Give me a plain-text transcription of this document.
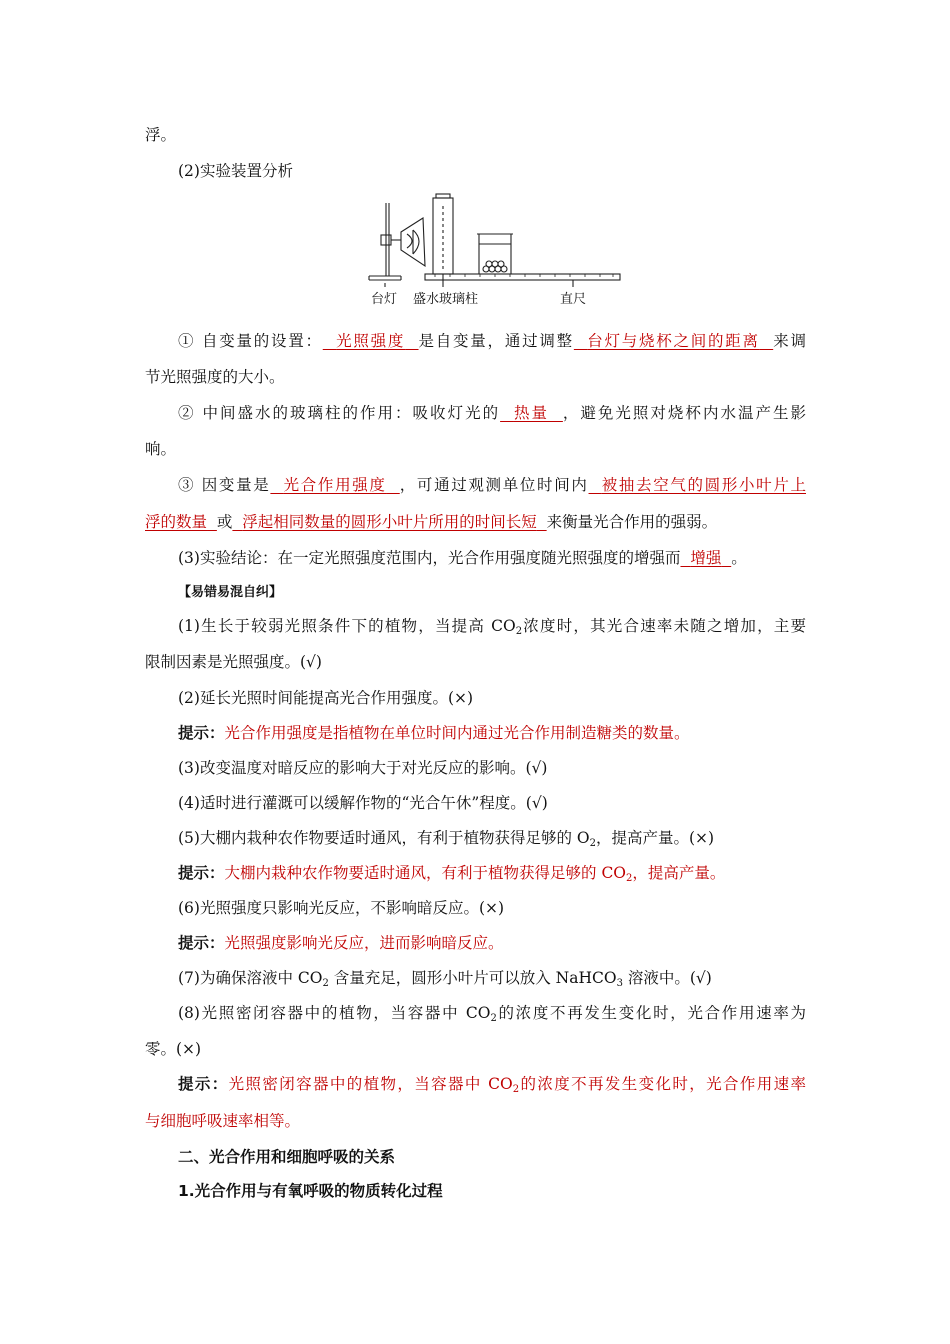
浮。
(2)实验装置分析
台灯 盛水玻璃柱	直尺
① 自变量的设置： 光照强度 是自变量，通过调整 台灯与烧杯之间的距离 来调
节光照强度的大小。
② 中间盛水的玻璃柱的作用：吸收灯光的 热量 ，避免光照对烧杯内水温产生影
响。
③ 因变量是 光合作用强度 ，可通过观测单位时间内 被抽去空气的圆形小叶片上
浮的数量 或 浮起相同数量的圆形小叶片所用的时间长短 来衡量光合作用的强弱。
(3)实验结论：在一定光照强度范围内，光合作用强度随光照强度的增强而 增强 。
【易错易混自纠】
(1)生长于较弱光照条件下的植物，当提高 $CO_2$浓度时，其光合速率未随之增加，主要
限制因素是光照强度。(√)
(2)延长光照时间能提高光合作用强度。(×)
提示：光合作用强度是指植物在单位时间内通过光合作用制造糖类的数量。
(3)改变温度对暗反应的影响大于对光反应的影响。(√)
(4)适时进行灌溉可以缓解作物的“光合午休”程度。(√)
(5)大棚内栽种农作物要适时通风，有利于植物获得足够的 $O_2$，提高产量。(×)
提示：大棚内栽种农作物要适时通风，有利于植物获得足够的 $CO_2$，提高产量。
(6)光照强度只影响光反应，不影响暗反应。(×)
提示：光照强度影响光反应，进而影响暗反应。
(7)为确保溶液中 $CO_2$ 含量充足，圆形小叶片可以放入 NaHCO$_3$ 溶液中。(√)
(8)光照密闭容器中的植物，当容器中 $CO_2$的浓度不再发生变化时，光合作用速率为
零。(×)
提示：光照密闭容器中的植物，当容器中 $CO_2$的浓度不再发生变化时，光合作用速率
与细胞呼吸速率相等。
二、光合作用和细胞呼吸的关系
1.光合作用与有氧呼吸的物质转化过程
